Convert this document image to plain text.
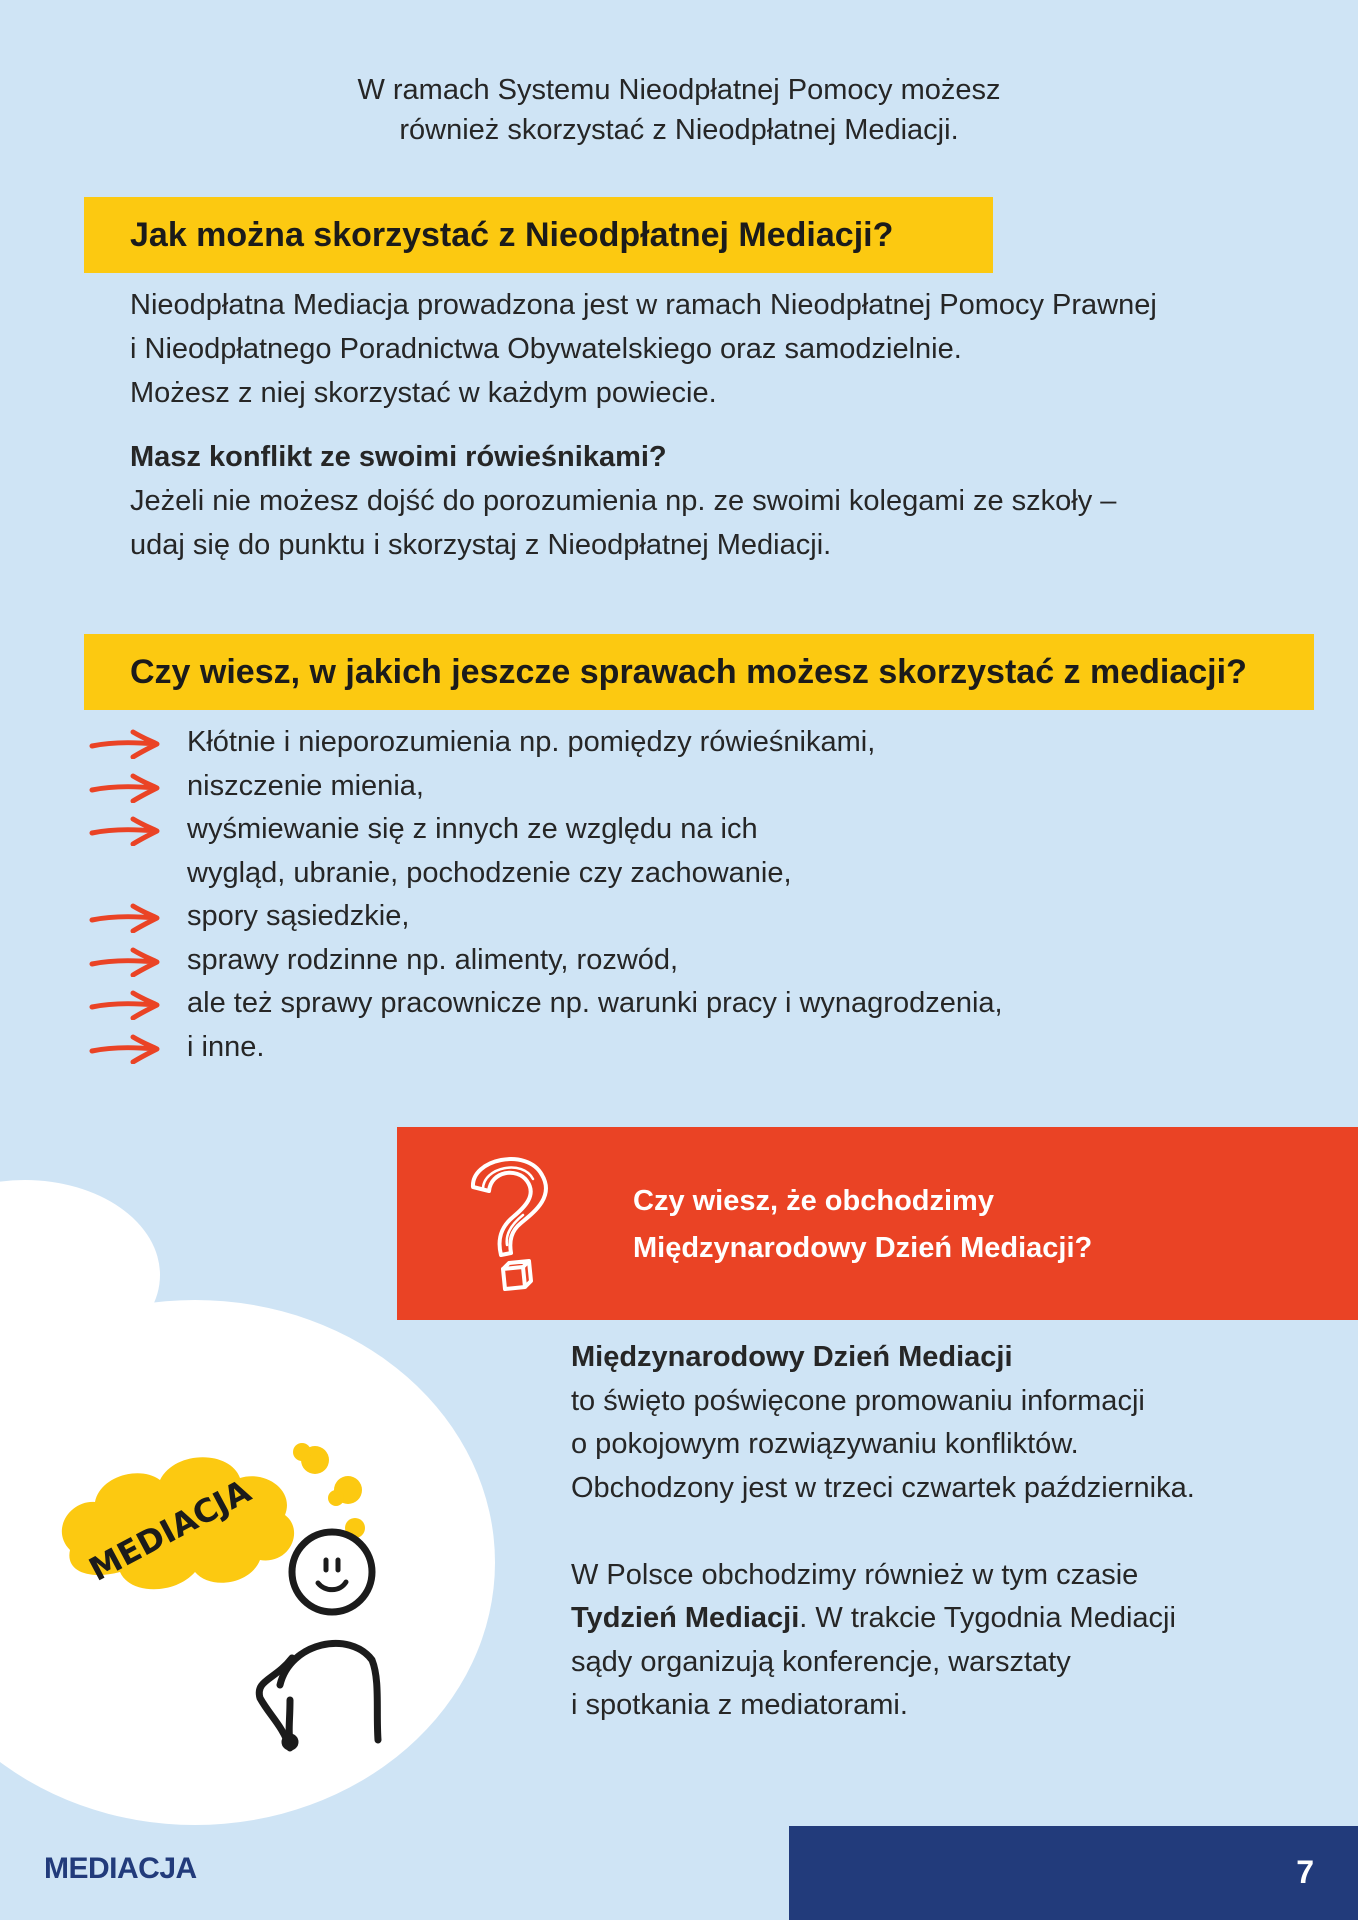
W ramach Systemu Nieodpłatnej Pomocy możesz
również skorzystać z Nieodpłatnej Mediacji.
Jak można skorzystać z Nieodpłatnej Mediacji?
Nieodpłatna Mediacja prowadzona jest w ramach Nieodpłatnej Pomocy Prawnej
i Nieodpłatnego Poradnictwa Obywatelskiego oraz samodzielnie.
Możesz z niej skorzystać w każdym powiecie.
Masz konflikt ze swoimi rówieśnikami?
Jeżeli nie możesz dojść do porozumienia np. ze swoimi kolegami ze szkoły –
udaj się do punktu i skorzystaj z Nieodpłatnej Mediacji.
Czy wiesz, w jakich jeszcze sprawach możesz skorzystać z mediacji?
Kłótnie i nieporozumienia np. pomiędzy rówieśnikami,
niszczenie mienia,
wyśmiewanie się z innych ze względu na ich
wygląd, ubranie, pochodzenie czy zachowanie,
spory sąsiedzkie,
sprawy rodzinne np. alimenty, rozwód,
ale też sprawy pracownicze np. warunki pracy i wynagrodzenia,
i inne.
Czy wiesz, że obchodzimy
Międzynarodowy Dzień Mediacji?
Międzynarodowy Dzień Mediacji
to święto poświęcone promowaniu informacji
o pokojowym rozwiązywaniu konfliktów.
Obchodzony jest w trzeci czwartek października.
W Polsce obchodzimy również w tym czasie
Tydzień Mediacji. W trakcie Tygodnia Mediacji
sądy organizują konferencje, warsztaty
i spotkania z mediatorami.
MEDIACJA
MEDIACJA	7
